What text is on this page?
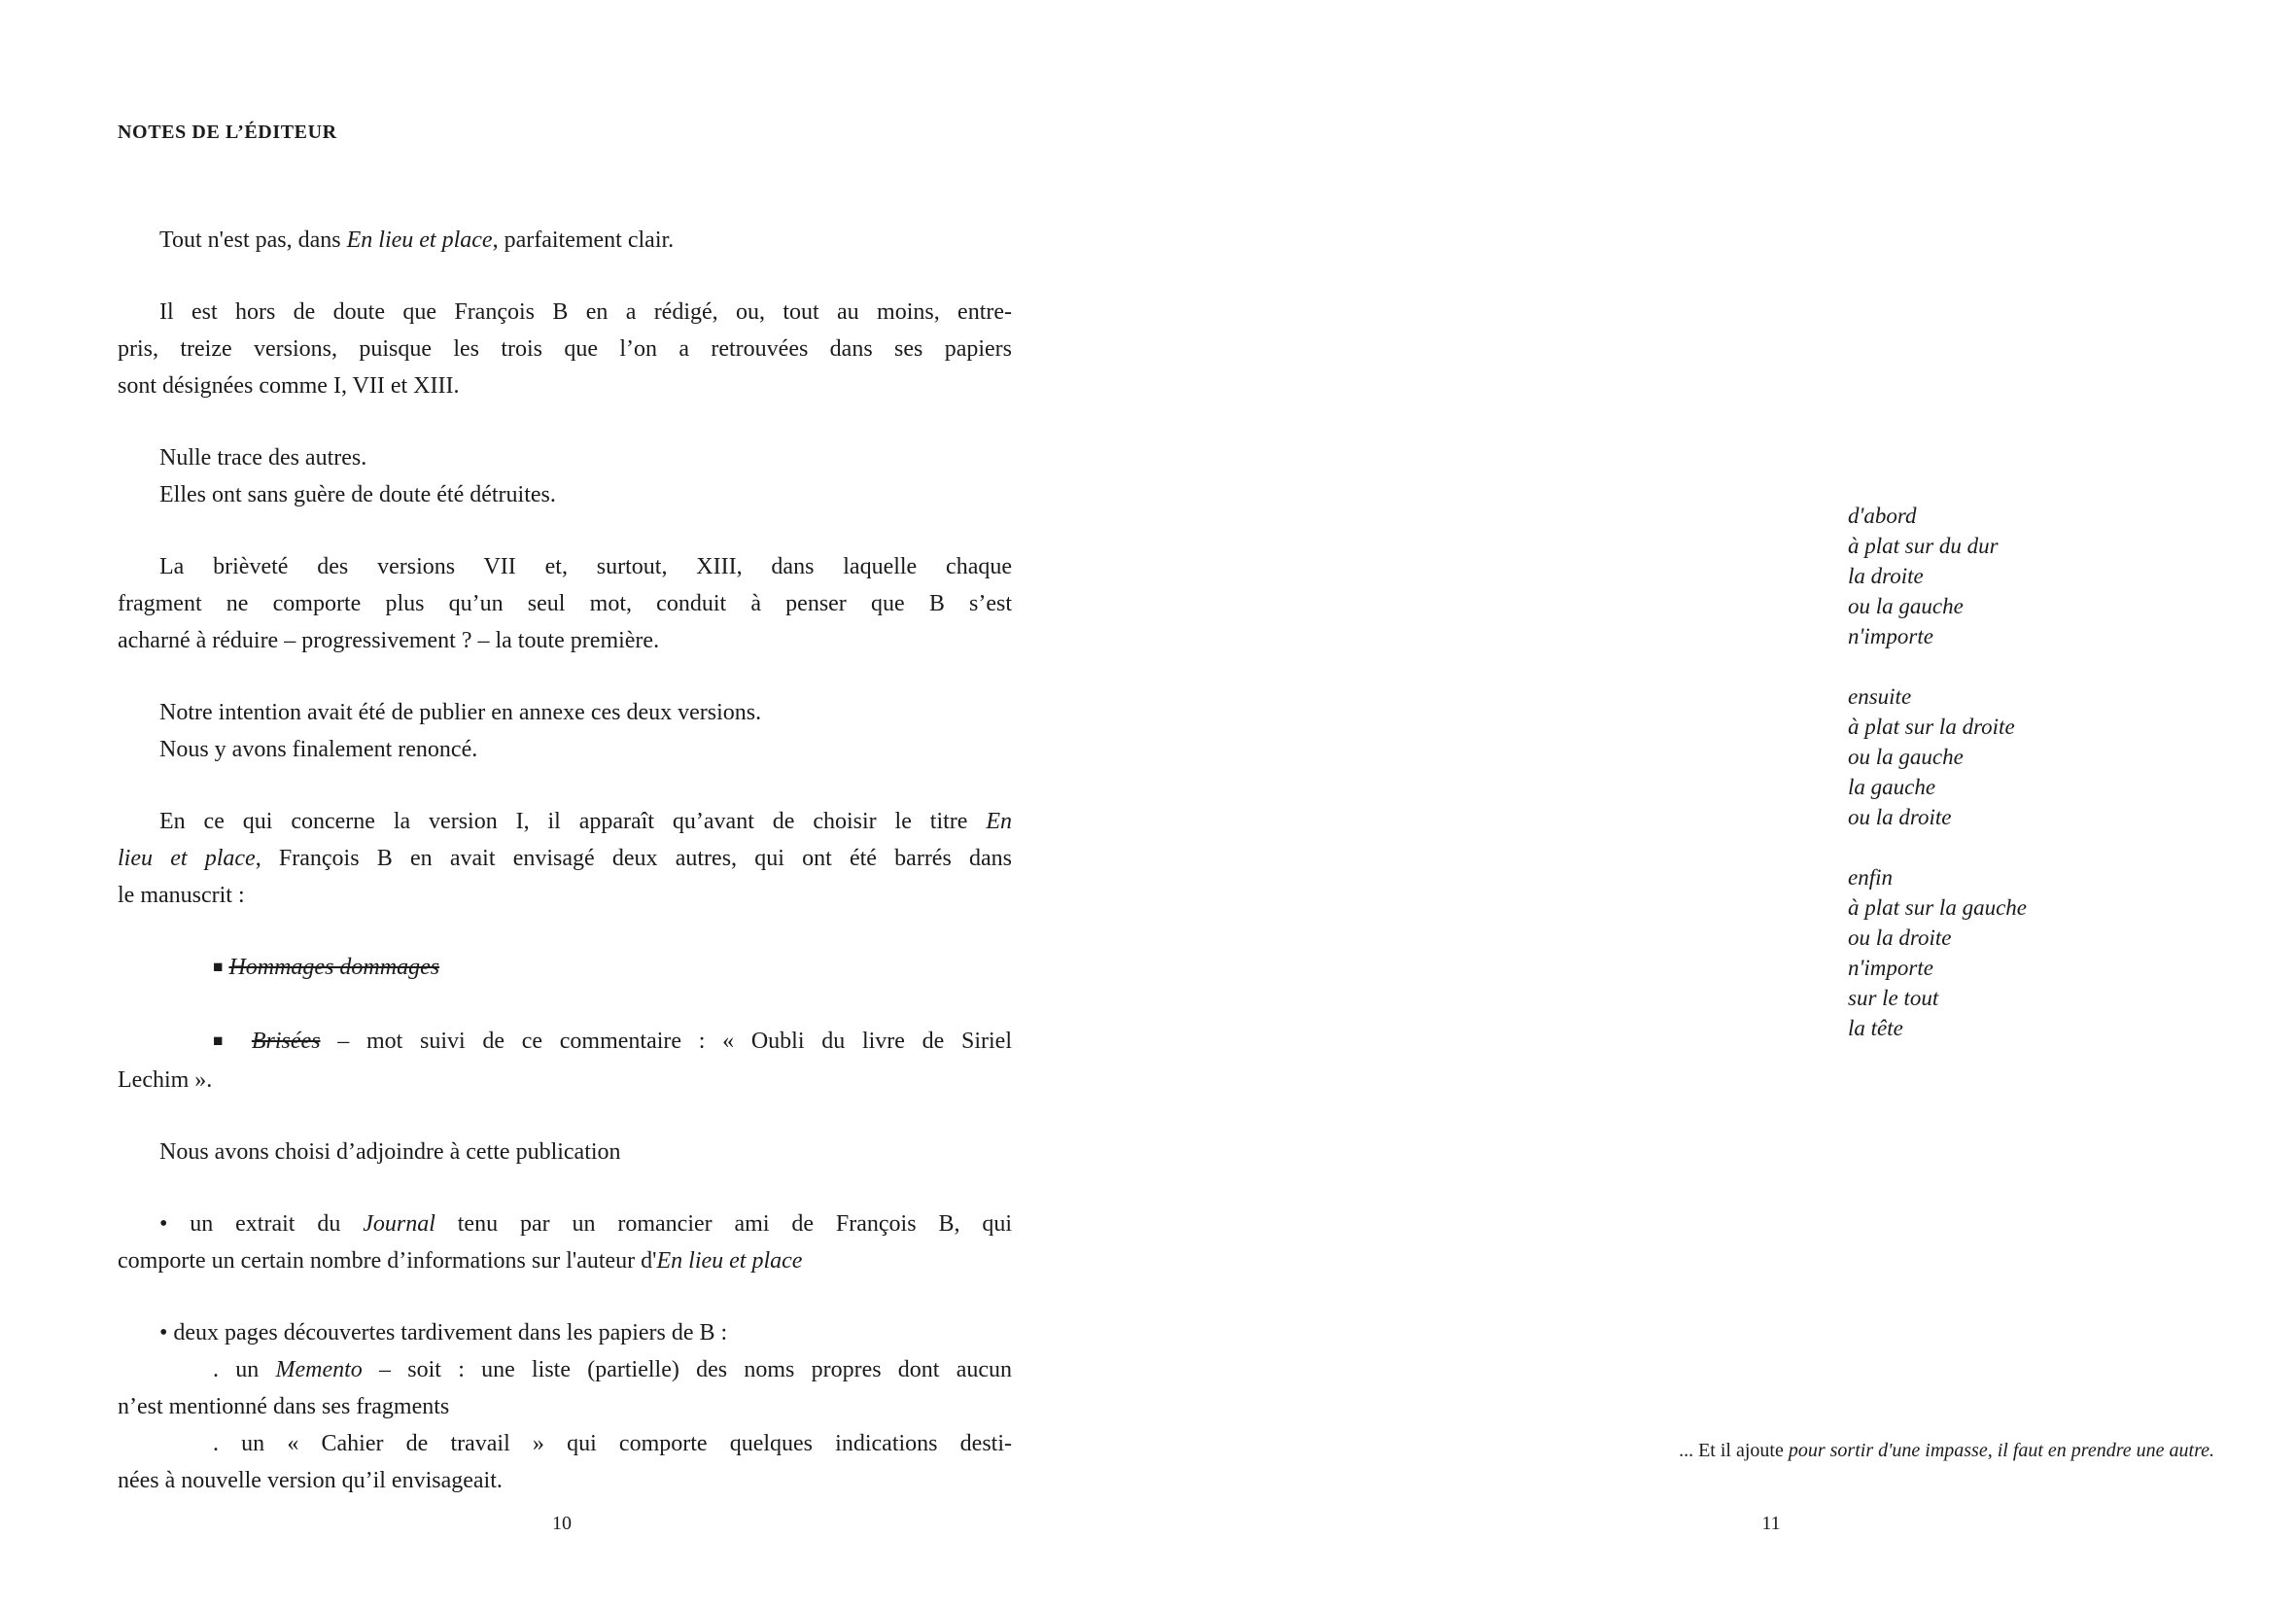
NOTES DE L’ÉDITEUR
Tout n'est pas, dans En lieu et place, parfaitement clair.
Il est hors de doute que François B en a rédigé, ou, tout au moins, entre-
pris, treize versions, puisque les trois que l’on a retrouvées dans ses papiers
sont désignées comme I, VII et XIII.
Nulle trace des autres.
Elles ont sans guère de doute été détruites.
La brièveté des versions VII et, surtout, XIII, dans laquelle chaque
fragment ne comporte plus qu’un seul mot, conduit à penser que B s’est
acharné à réduire – progressivement ? – la toute première.
Notre intention avait été de publier en annexe ces deux versions.
Nous y avons finalement renoncé.
En ce qui concerne la version I, il apparaît qu’avant de choisir le titre En
lieu et place, François B en avait envisagé deux autres, qui ont été barrés dans
le manuscrit :
■ Hommages dommages
■ Brisées – mot suivi de ce commentaire : « Oubli du livre de Siriel
Lechim ».
Nous avons choisi d’adjoindre à cette publication
• un extrait du Journal tenu par un romancier ami de François B, qui
comporte un certain nombre d’informations sur l'auteur d'En lieu et place
• deux pages découvertes tardivement dans les papiers de B :
. un Memento – soit : une liste (partielle) des noms propres dont aucun
n’est mentionné dans ses fragments
. un « Cahier de travail » qui comporte quelques indications desti-
nées à nouvelle version qu’il envisageait.
d'abord
à plat sur du dur
la droite
ou la gauche
n'importe
ensuite
à plat sur la droite
ou la gauche
la gauche
ou la droite
enfin
à plat sur la gauche
ou la droite
n'importe
sur le tout
la tête
... Et il ajoute pour sortir d'une impasse, il faut en prendre une autre.
10	11
